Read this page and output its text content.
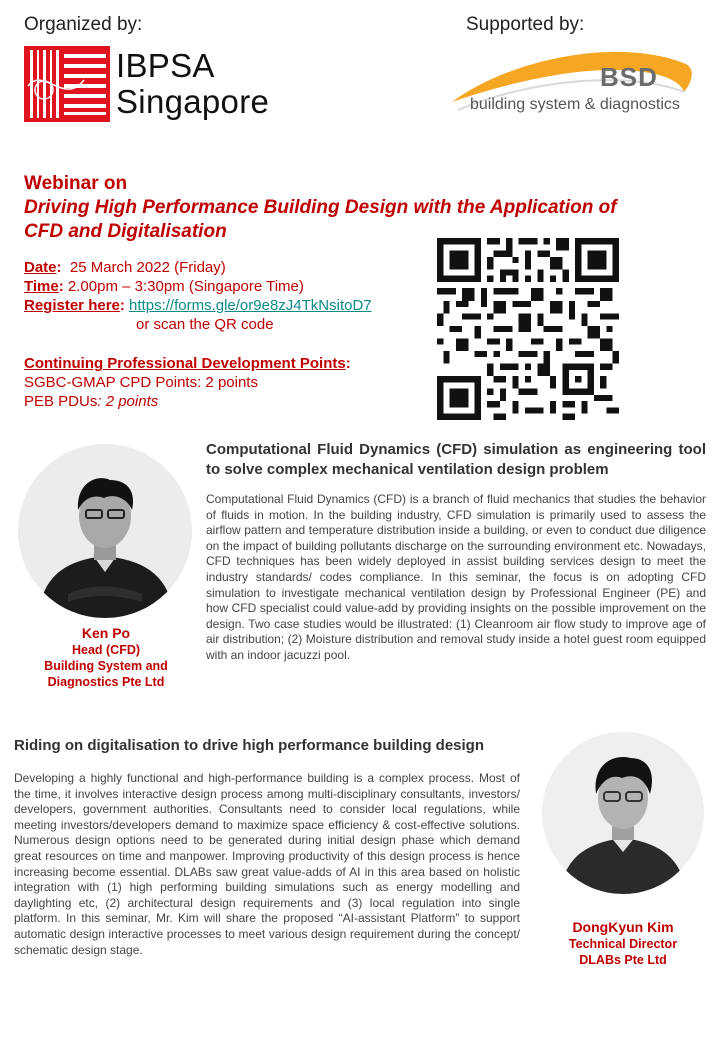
Organized by:	Supported by:
IBPSA
Singapore
BSD
building system & diagnostics
Webinar on
Driving High Performance Building Design with the Application of
CFD and Digitalisation
Date: 25 March 2022 (Friday)
Time: 2.00pm – 3:30pm (Singapore Time)
Register here: https://forms.gle/or9e8zJ4TkNsitoD7
or scan the QR code
Continuing Professional Development Points:
SGBC-GMAP CPD Points: 2 points
PEB PDUs: 2 points
Ken Po
Head (CFD)
Building System and
Diagnostics Pte Ltd
Computational Fluid Dynamics (CFD) simulation as engineering tool to solve complex mechanical ventilation design problem
Computational Fluid Dynamics (CFD) is a branch of fluid mechanics that studies the behavior of fluids in motion. In the building industry, CFD simulation is primarily used to assess the airflow pattern and temperature distribution inside a building, or even to conduct due diligence on the impact of building pollutants discharge on the surrounding environment etc. Nowadays, CFD techniques has been widely deployed in assist building services design to meet the industry standards/ codes compliance. In this seminar, the focus is on adopting CFD simulation to investigate mechanical ventilation design by Professional Engineer (PE) and how CFD specialist could value-add by providing insights on the possible improvement on the design. Two case studies would be illustrated: (1) Cleanroom air flow study to improve age of air distribution; (2) Moisture distribution and removal study inside a hotel guest room equipped with an indoor jacuzzi pool.
Riding on digitalisation to drive high performance building design
Developing a highly functional and high-performance building is a complex process. Most of the time, it involves interactive design process among multi-disciplinary consultants, investors/ developers, government authorities. Consultants need to consider local regulations, while meeting investors/developers demand to maximize space efficiency & cost-effective solutions. Numerous design options need to be generated during initial design phase which demand great resources on time and manpower. Improving productivity of this design process is hence increasing become essential. DLABs saw great value-adds of AI in this area based on holistic integration with (1) high performing building simulations such as energy modelling and daylighting etc, (2) architectural design requirements and (3) local regulation into single platform. In this seminar, Mr. Kim will share the proposed “AI-assistant Platform” to support automatic design interactive processes to meet various design requirement during the concept/ schematic design stage.
DongKyun Kim
Technical Director
DLABs Pte Ltd
